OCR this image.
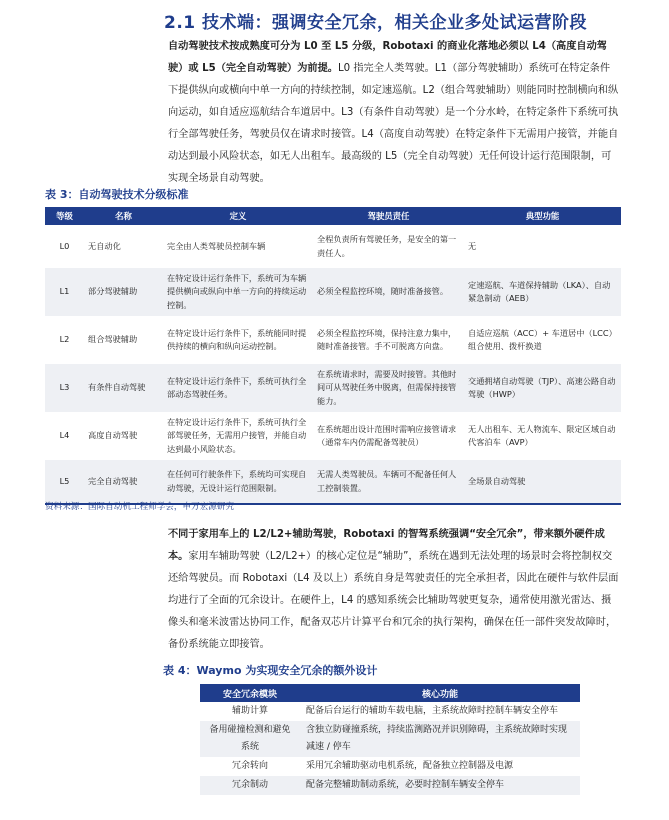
2.1 技术端：强调安全冗余，相关企业多处试运营阶段
自动驾驶技术按成熟度可分为 L0 至 L5 分级，Robotaxi 的商业化落地必须以 L4（高度自动驾驶）或 L5（完全自动驾驶）为前提。L0 指完全人类驾驶。L1（部分驾驶辅助）系统可在特定条件下提供纵向或横向中单一方向的持续控制，如定速巡航。L2（组合驾驶辅助）则能同时控制横向和纵向运动，如自适应巡航结合车道居中。L3（有条件自动驾驶）是一个分水岭，在特定条件下系统可执行全部驾驶任务，驾驶员仅在请求时接管。L4（高度自动驾驶）在特定条件下无需用户接管，并能自动达到最小风险状态，如无人出租车。最高级的 L5（完全自动驾驶）无任何设计运行范围限制，可实现全场景自动驾驶。
表 3：自动驾驶技术分级标准
等级	名称	定义	驾驶员责任	典型功能
L0	无自动化	完全由人类驾驶员控制车辆	全程负责所有驾驶任务，是安全的第一责任人。	无
L1	部分驾驶辅助	在特定设计运行条件下，系统可为车辆提供横向或纵向中单一方向的持续运动控制。	必须全程监控环境，随时准备接管。	定速巡航、车道保持辅助（LKA）、自动紧急制动（AEB）
L2	组合驾驶辅助	在特定设计运行条件下，系统能同时提供持续的横向和纵向运动控制。	必须全程监控环境，保持注意力集中，随时准备接管。手不可脱离方向盘。	自适应巡航（ACC）+ 车道居中（LCC）组合使用、拨杆换道
L3	有条件自动驾驶	在特定设计运行条件下，系统可执行全部动态驾驶任务。	在系统请求时，需要及时接管。其他时间可从驾驶任务中脱离，但需保持接管能力。	交通拥堵自动驾驶（TJP）、高速公路自动驾驶（HWP）
L4	高度自动驾驶	在特定设计运行条件下，系统可执行全部驾驶任务，无需用户接管，并能自动达到最小风险状态。	在系统超出设计范围时需响应接管请求（通常车内仍需配备驾驶员）	无人出租车、无人物流车、限定区域自动代客泊车（AVP）
L5	完全自动驾驶	在任何可行驶条件下，系统均可实现自动驾驶，无设计运行范围限制。	无需人类驾驶员。车辆可不配备任何人工控制装置。	全场景自动驾驶
资料来源：国际自动机工程师学会，申万宏源研究
不同于家用车上的 L2/L2+辅助驾驶，Robotaxi 的智驾系统强调“安全冗余”，带来额外硬件成本。家用车辅助驾驶（L2/L2+）的核心定位是“辅助”，系统在遇到无法处理的场景时会将控制权交还给驾驶员。而 Robotaxi（L4 及以上）系统自身是驾驶责任的完全承担者，因此在硬件与软件层面均进行了全面的冗余设计。在硬件上，L4 的感知系统会比辅助驾驶更复杂，通常使用激光雷达、摄像头和毫米波雷达协同工作，配备双芯片计算平台和冗余的执行架构，确保在任一部件突发故障时，备份系统能立即接管。
表 4：Waymo 为实现安全冗余的额外设计
安全冗余模块	核心功能
辅助计算	配备后台运行的辅助车载电脑，主系统故障时控制车辆安全停车
备用碰撞检测和避免系统	含独立防碰撞系统，持续监测路况并识别障碍，主系统故障时实现减速 / 停车
冗余转向	采用冗余辅助驱动电机系统，配备独立控制器及电源
冗余制动	配备完整辅助制动系统，必要时控制车辆安全停车
